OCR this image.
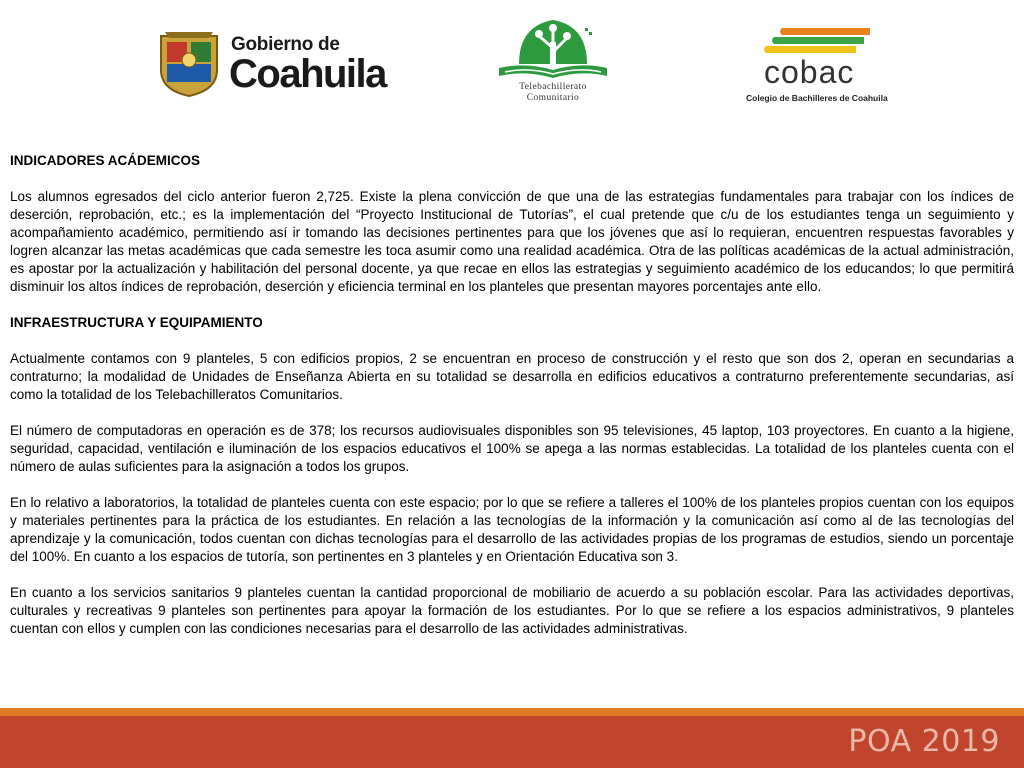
Gobierno de
Coahuila	Telebachillerato
Comunitario
cobac
Colegio de Bachilleres de Coahuila
INDICADORES ACÁDEMICOS

Los alumnos egresados del ciclo anterior fueron 2,725. Existe la plena convicción de que una de las estrategias fundamentales para trabajar con los índices de deserción, reprobación, etc.; es la implementación del “Proyecto Institucional de Tutorías”, el cual pretende que c/u de los estudiantes tenga un seguimiento y acompañamiento académico, permitiendo así ir tomando las decisiones pertinentes para que los jóvenes que así lo requieran, encuentren respuestas favorables y logren alcanzar las metas académicas que cada semestre les toca asumir como una realidad académica. Otra de las políticas académicas de la actual administración, es apostar por la actualización y habilitación del personal docente, ya que recae en ellos las estrategias y seguimiento académico de los educandos; lo que permitirá disminuir los altos índices de reprobación, deserción y eficiencia terminal en los planteles que presentan mayores porcentajes ante ello.

INFRAESTRUCTURA Y EQUIPAMIENTO

Actualmente contamos con 9 planteles, 5 con edificios propios, 2 se encuentran en proceso de construcción y el resto que son dos 2, operan en secundarias a contraturno; la modalidad de Unidades de Enseñanza Abierta en su totalidad se desarrolla en edificios educativos a contraturno preferentemente secundarias, así como la totalidad de los Telebachilleratos Comunitarios.

El número de computadoras en operación es de 378; los recursos audiovisuales disponibles son 95 televisiones, 45 laptop, 103 proyectores. En cuanto a la higiene, seguridad, capacidad, ventilación e iluminación de los espacios educativos el 100% se apega a las normas establecidas. La totalidad de los planteles cuenta con el número de aulas suficientes para la asignación a todos los grupos.

En lo relativo a laboratorios, la totalidad de planteles cuenta con este espacio; por lo que se refiere a talleres el 100% de los planteles propios cuentan con los equipos y materiales pertinentes para la práctica de los estudiantes. En relación a las tecnologías de la información y la comunicación así como al de las tecnologías del aprendizaje y la comunicación, todos cuentan con dichas tecnologías para el desarrollo de las actividades propias de los programas de estudios, siendo un porcentaje del 100%. En cuanto a los espacios de tutoría, son pertinentes en 3 planteles y en Orientación Educativa son 3.

En cuanto a los servicios sanitarios 9 planteles cuentan la cantidad proporcional de mobiliario de acuerdo a su población escolar. Para las actividades deportivas, culturales y recreativas 9 planteles son pertinentes para apoyar la formación de los estudiantes. Por lo que se refiere a los espacios administrativos, 9 planteles cuentan con ellos y cumplen con las condiciones necesarias para el desarrollo de las actividades administrativas.

POA 2019
